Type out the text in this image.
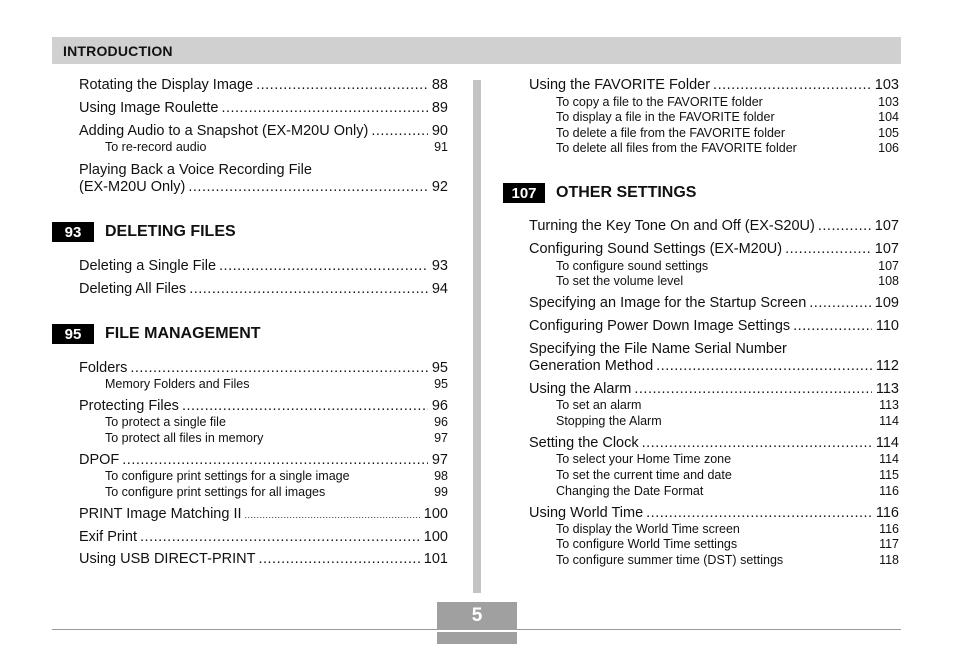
INTRODUCTION
Rotating the Display Image .....	88
Using Image Roulette .....	89
Adding Audio to a Snapshot (EX-M20U Only) .....	90
To re-record audio	91
Playing Back a Voice Recording File
(EX-M20U Only) .....	92
93	DELETING FILES
Deleting a Single File .....	93
Deleting All Files .....	94
95	FILE MANAGEMENT
Folders .....	95
Memory Folders and Files	95
Protecting Files .....	96
To protect a single file	96
To protect all files in memory	97
DPOF .....	97
To configure print settings for a single image	98
To configure print settings for all images	99
PRINT Image Matching II .....	100
Exif Print .....	100
Using USB DIRECT-PRINT .....	101
Using the FAVORITE Folder .....	103
To copy a file to the FAVORITE folder	103
To display a file in the FAVORITE folder	104
To delete a file from the FAVORITE folder	105
To delete all files from the FAVORITE folder	106
107	OTHER SETTINGS
Turning the Key Tone On and Off (EX-S20U) .....	107
Configuring Sound Settings (EX-M20U) .....	107
To configure sound settings	107
To set the volume level	108
Specifying an Image for the Startup Screen .....	109
Configuring Power Down Image Settings .....	110
Specifying the File Name Serial Number
Generation Method .....	112
Using the Alarm .....	113
To set an alarm	113
Stopping the Alarm	114
Setting the Clock .....	114
To select your Home Time zone	114
To set the current time and date	115
Changing the Date Format	116
Using World Time .....	116
To display the World Time screen	116
To configure World Time settings	117
To configure summer time (DST) settings	118
5
